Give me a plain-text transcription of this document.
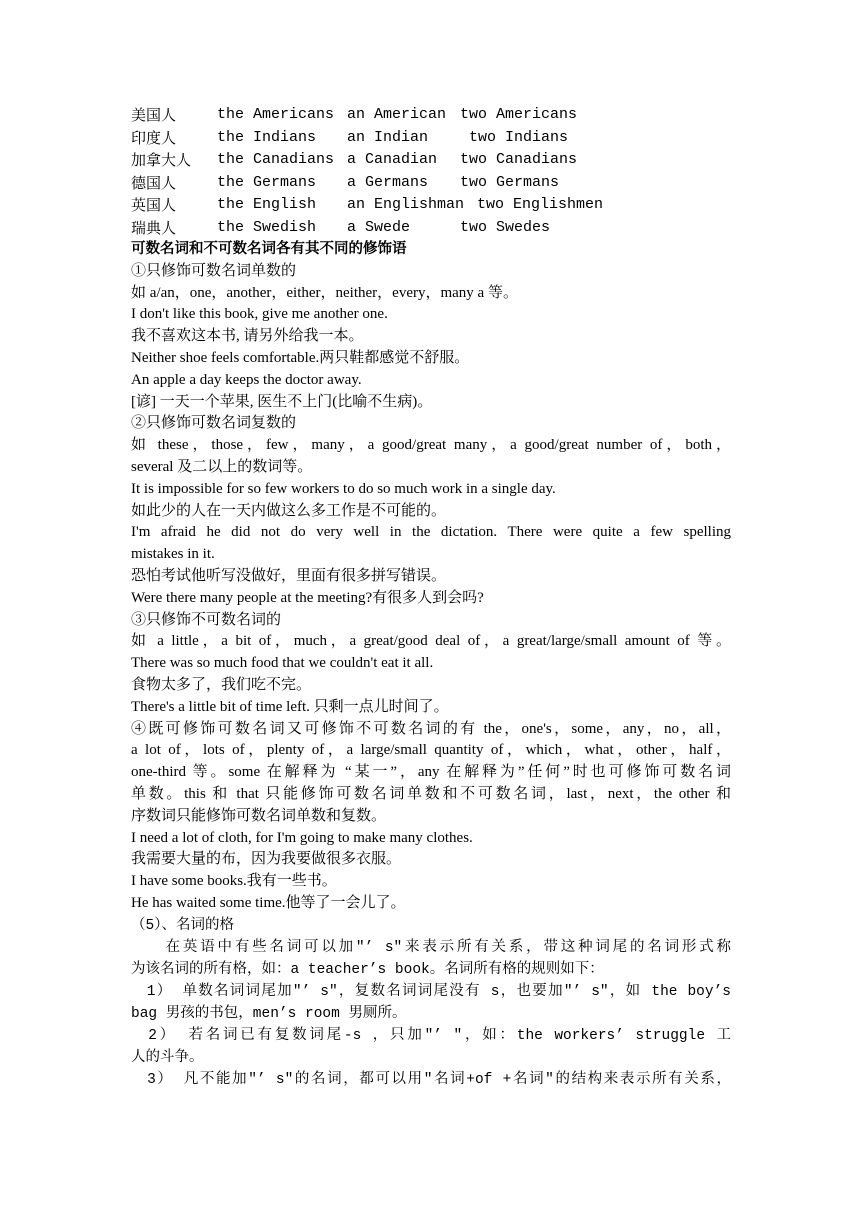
美国人	the Americans an American two Americans
印度人	the Indians an Indian two Indians
加拿大人 the Canadians a Canadian two Canadians
德国人	the Germans a Germans two Germans
英国人	the English an Englishman two Englishmen
瑞典人	the Swedish a Swede	two Swedes
可数名词和不可数名词各有其不同的修饰语
①只修饰可数名词单数的
如 a/an，one，another，either，neither，every，many a 等。
I don't like this book, give me another one.
我不喜欢这本书, 请另外给我一本。
Neither shoe feels comfortable.两只鞋都感觉不舒服。
An apple a day keeps the doctor away.
[谚] 一天一个苹果, 医生不上门(比喻不生病)。
②只修饰可数名词复数的
如 these，those，few，many，a good/great many，a good/great number of，both，
several 及二以上的数词等。
It is impossible for so few workers to do so much work in a single day.
如此少的人在一天内做这么多工作是不可能的。
I'm afraid he did not do very well in the dictation. There were quite a few spelling
mistakes in it.
恐怕考试他听写没做好，里面有很多拼写错误。
Were there many people at the meeting?有很多人到会吗?
③只修饰不可数名词的
如 a little，a bit of，much，a great/good deal of，a great/large/small amount of 等。
There was so much food that we couldn't eat it all.
食物太多了，我们吃不完。
There's a little bit of time left. 只剩一点儿时间了。
④既可修饰可数名词又可修饰不可数名词的有 the，one's，some，any，no，all，
a lot of，lots of，plenty of，a large/small quantity of，which，what，other，half，
one-third 等。some 在解释为 “某一”，any 在解释为”任何”时也可修饰可数名词
单数。this 和 that 只能修饰可数名词单数和不可数名词，last，next，the other 和
序数词只能修饰可数名词单数和复数。
I need a lot of cloth, for I'm going to make many clothes.
我需要大量的布，因为我要做很多衣服。
I have some books.我有一些书。
He has waited some time.他等了一会儿了。
（5）、名词的格
　　在英语中有些名词可以加"’ s"来表示所有关系，带这种词尾的名词形式称
为该名词的所有格，如：a teacher’s book。名词所有格的规则如下：
　1） 单数名词词尾加"’ s"，复数名词词尾没有 s，也要加"’ s"，如 the boy’s
bag 男孩的书包，men’s room 男厕所。
　2） 若名词已有复数词尾-s ，只加"’ "，如：the workers’ struggle 工
人的斗争。
　3） 凡不能加"’ s"的名词，都可以用"名词+of +名词"的结构来表示所有关系，
